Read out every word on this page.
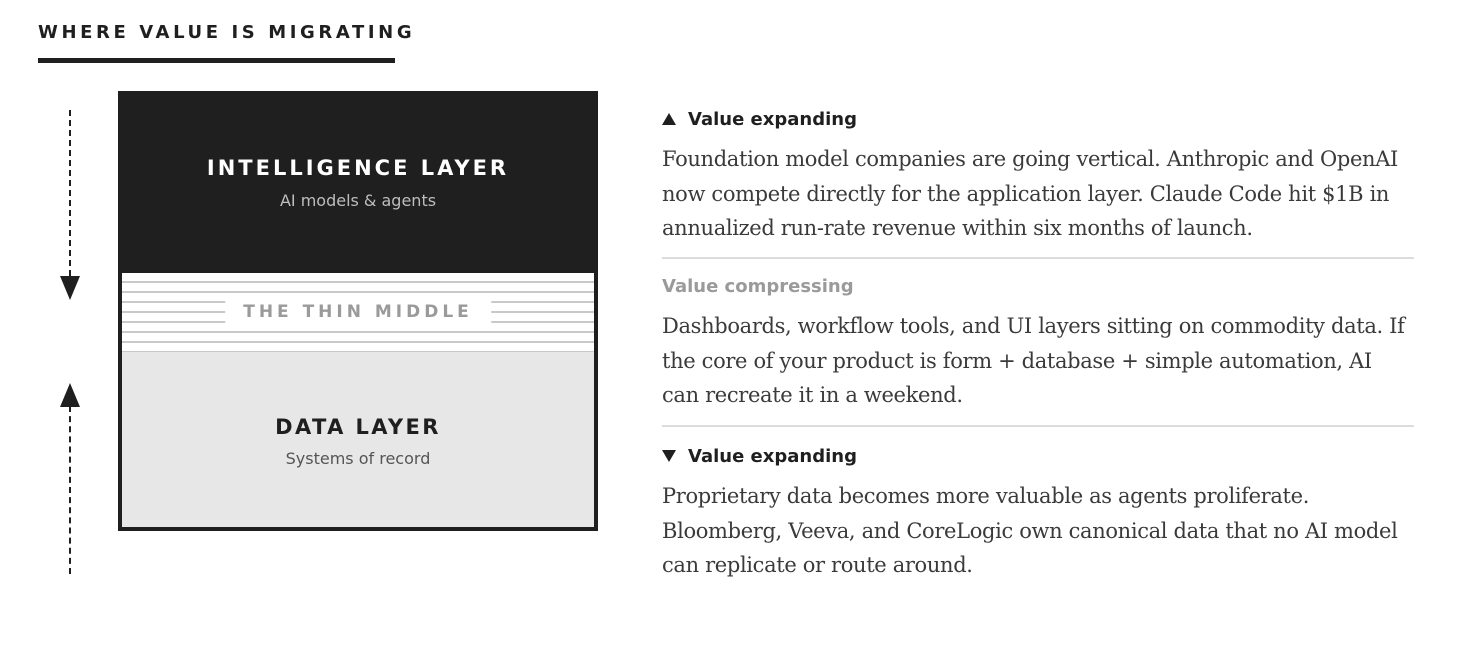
WHERE VALUE IS MIGRATING
INTELLIGENCE LAYER
AI models & agents
THE THIN MIDDLE
DATA LAYER
Systems of record
Value expanding
Foundation model companies are going vertical. Anthropic and OpenAI now compete directly for the application layer. Claude Code hit $1B in annualized run-rate revenue within six months of launch.
Value compressing
Dashboards, workflow tools, and UI layers sitting on commodity data. If the core of your product is form + database + simple automation, AI can recreate it in a weekend.
Value expanding
Proprietary data becomes more valuable as agents proliferate. Bloomberg, Veeva, and CoreLogic own canonical data that no AI model can replicate or route around.
